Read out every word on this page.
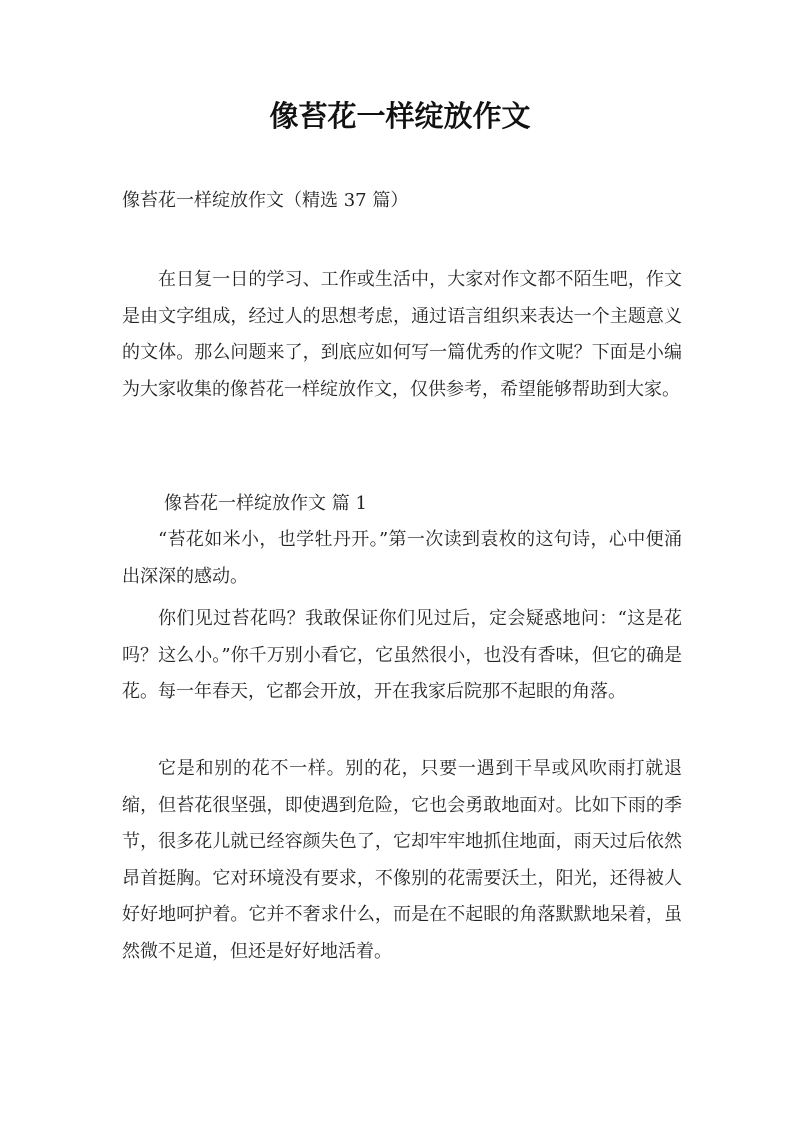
像苔花一样绽放作文
像苔花一样绽放作文（精选 37 篇）

在日复一日的学习、工作或生活中，大家对作文都不陌生吧，作文是由文字组成，经过人的思想考虑，通过语言组织来表达一个主题意义的文体。那么问题来了，到底应如何写一篇优秀的作文呢？下面是小编为大家收集的像苔花一样绽放作文，仅供参考，希望能够帮助到大家。

像苔花一样绽放作文 篇 1

“苔花如米小，也学牡丹开。”第一次读到袁枚的这句诗，心中便涌出深深的感动。

你们见过苔花吗？我敢保证你们见过后，定会疑惑地问：“这是花吗？这么小。”你千万别小看它，它虽然很小，也没有香味，但它的确是花。每一年春天，它都会开放，开在我家后院那不起眼的角落。

它是和别的花不一样。别的花，只要一遇到干旱或风吹雨打就退缩，但苔花很坚强，即使遇到危险，它也会勇敢地面对。比如下雨的季节，很多花儿就已经容颜失色了，它却牢牢地抓住地面，雨天过后依然昂首挺胸。它对环境没有要求，不像别的花需要沃土，阳光，还得被人好好地呵护着。它并不奢求什么，而是在不起眼的角落默默地呆着，虽然微不足道，但还是好好地活着。
